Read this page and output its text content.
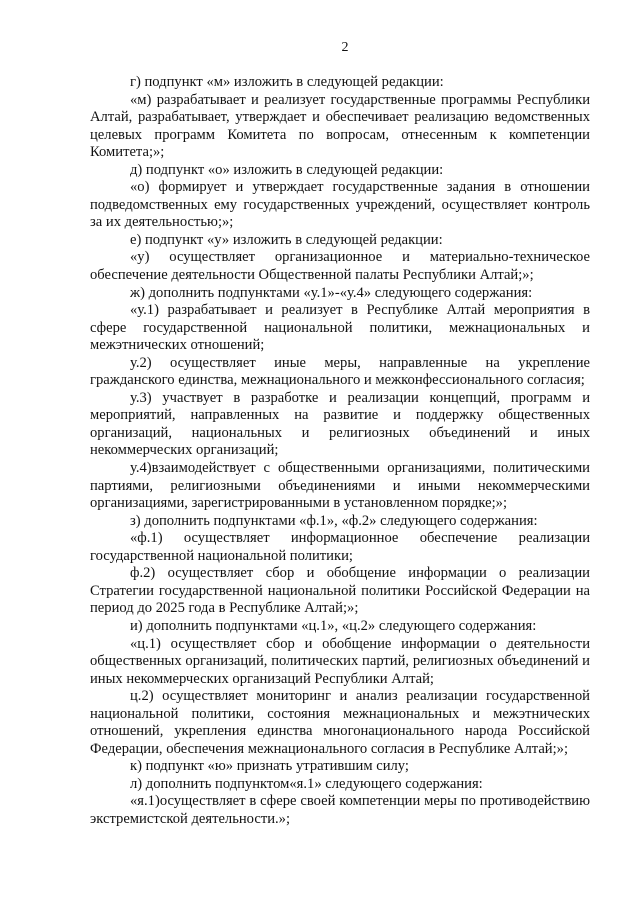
2

г) подпункт «м» изложить в следующей редакции:

«м) разрабатывает и реализует государственные программы Республики Алтай, разрабатывает, утверждает и обеспечивает реализацию ведомственных целевых программ Комитета по вопросам, отнесенным к компетенции Комитета;»;

д) подпункт «о» изложить в следующей редакции:

«о) формирует и утверждает государственные задания в отношении подведомственных ему государственных учреждений, осуществляет контроль за их деятельностью;»;

е) подпункт «у» изложить в следующей редакции:

«у) осуществляет организационное и материально-техническое обеспечение деятельности Общественной палаты Республики Алтай;»;

ж) дополнить подпунктами «у.1»-«у.4» следующего содержания:

«у.1) разрабатывает и реализует в Республике Алтай мероприятия в сфере государственной национальной политики, межнациональных и межэтнических отношений;

у.2) осуществляет иные меры, направленные на укрепление гражданского единства, межнационального и межконфессионального согласия;

у.3) участвует в разработке и реализации концепций, программ и мероприятий, направленных на развитие и поддержку общественных организаций, национальных и религиозных объединений и иных некоммерческих организаций;

у.4)взаимодействует с общественными организациями, политическими партиями, религиозными объединениями и иными некоммерческими организациями, зарегистрированными в установленном порядке;»;

з) дополнить подпунктами «ф.1», «ф.2» следующего содержания:

«ф.1) осуществляет информационное обеспечение реализации государственной национальной политики;

ф.2) осуществляет сбор и обобщение информации о реализации Стратегии государственной национальной политики Российской Федерации на период до 2025 года в Республике Алтай;»;

и) дополнить подпунктами «ц.1», «ц.2» следующего содержания:

«ц.1) осуществляет сбор и обобщение информации о деятельности общественных организаций, политических партий, религиозных объединений и иных некоммерческих организаций Республики Алтай;

ц.2) осуществляет мониторинг и анализ реализации государственной национальной политики, состояния межнациональных и межэтнических отношений, укрепления единства многонационального народа Российской Федерации, обеспечения межнационального согласия в Республике Алтай;»;

к) подпункт «ю» признать утратившим силу;

л) дополнить подпунктом«я.1» следующего содержания:

«я.1)осуществляет в сфере своей компетенции меры по противодействию экстремистской деятельности.»;
